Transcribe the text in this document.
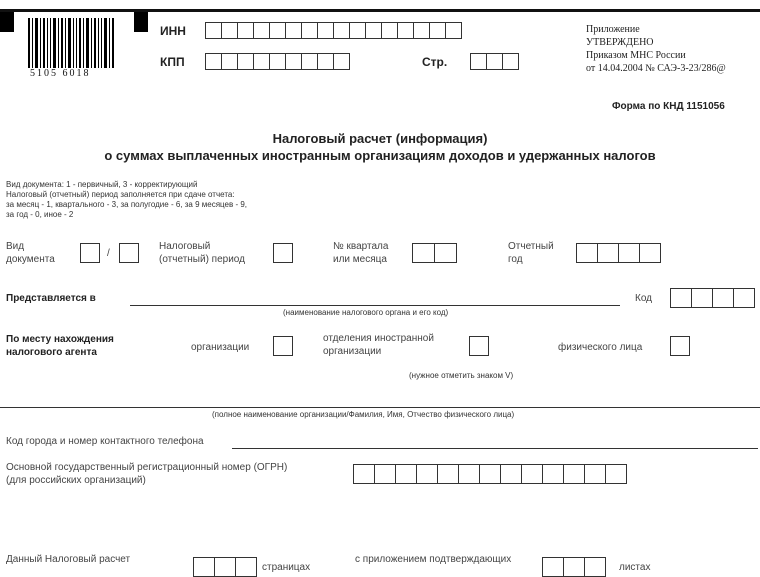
5105 6018
ИНН
КПП	Стр.
Приложение
УТВЕРЖДЕНО
Приказом МНС России
от 14.04.2004 № САЭ-3-23/286@
Форма по КНД 1151056
Налоговый расчет (информация)
о суммах выплаченных иностранным организациям доходов и удержанных налогов
Вид документа: 1 - первичный, 3 - корректирующий
Налоговый (отчетный) период заполняется при сдаче отчета:
за месяц - 1, квартального - 3, за полугодие - 6, за 9 месяцев - 9,
за год - 0, иное - 2
Вид
документа
/
Налоговый
(отчетный) период
№ квартала
или месяца
Отчетный
год
Представляется в
(наименование налогового органа и его код)
Код
По месту нахождения
налогового агента	организации
отделения иностранной
организации	физического лица
(нужное отметить знаком V)
(полное наименование организации/Фамилия, Имя, Отчество физического лица)
Код города и номер контактного телефона
Основной государственный регистрационный номер (ОГРН)
(для российских организаций)
Данный Налоговый расчет
страницах
с приложением подтверждающих
листах
